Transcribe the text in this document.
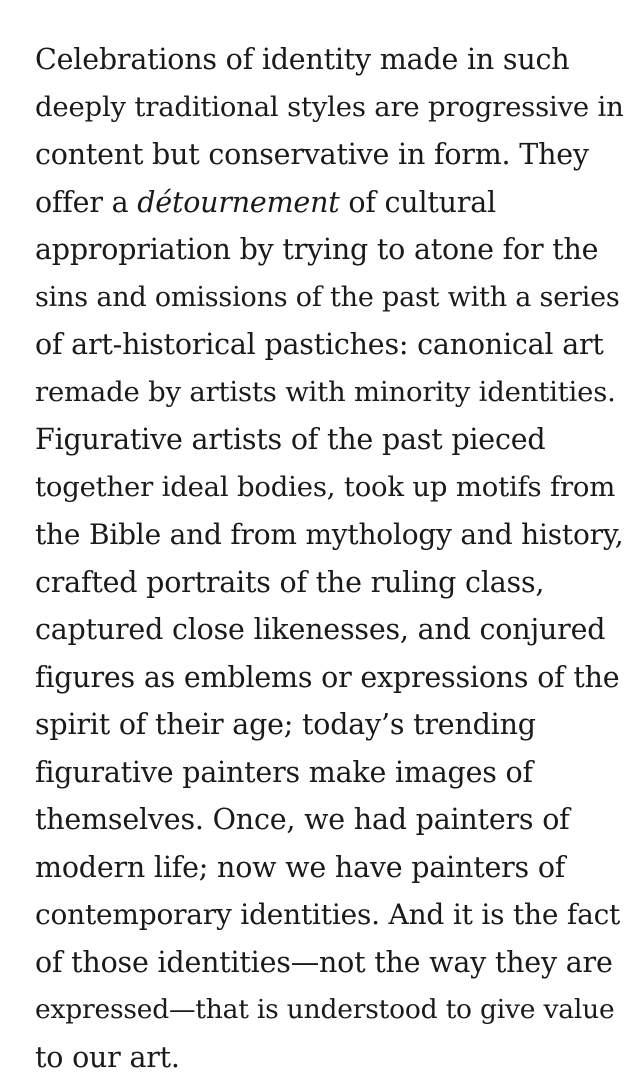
Celebrations of identity made in such
deeply traditional styles are progressive in
content but conservative in form. They
offer a détournement of cultural
appropriation by trying to atone for the
sins and omissions of the past with a series
of art-historical pastiches: canonical art
remade by artists with minority identities.
Figurative artists of the past pieced
together ideal bodies, took up motifs from
the Bible and from mythology and history,
crafted portraits of the ruling class,
captured close likenesses, and conjured
figures as emblems or expressions of the
spirit of their age; today’s trending
figurative painters make images of
themselves. Once, we had painters of
modern life; now we have painters of
contemporary identities. And it is the fact
of those identities—not the way they are
expressed—that is understood to give value
to our art.
